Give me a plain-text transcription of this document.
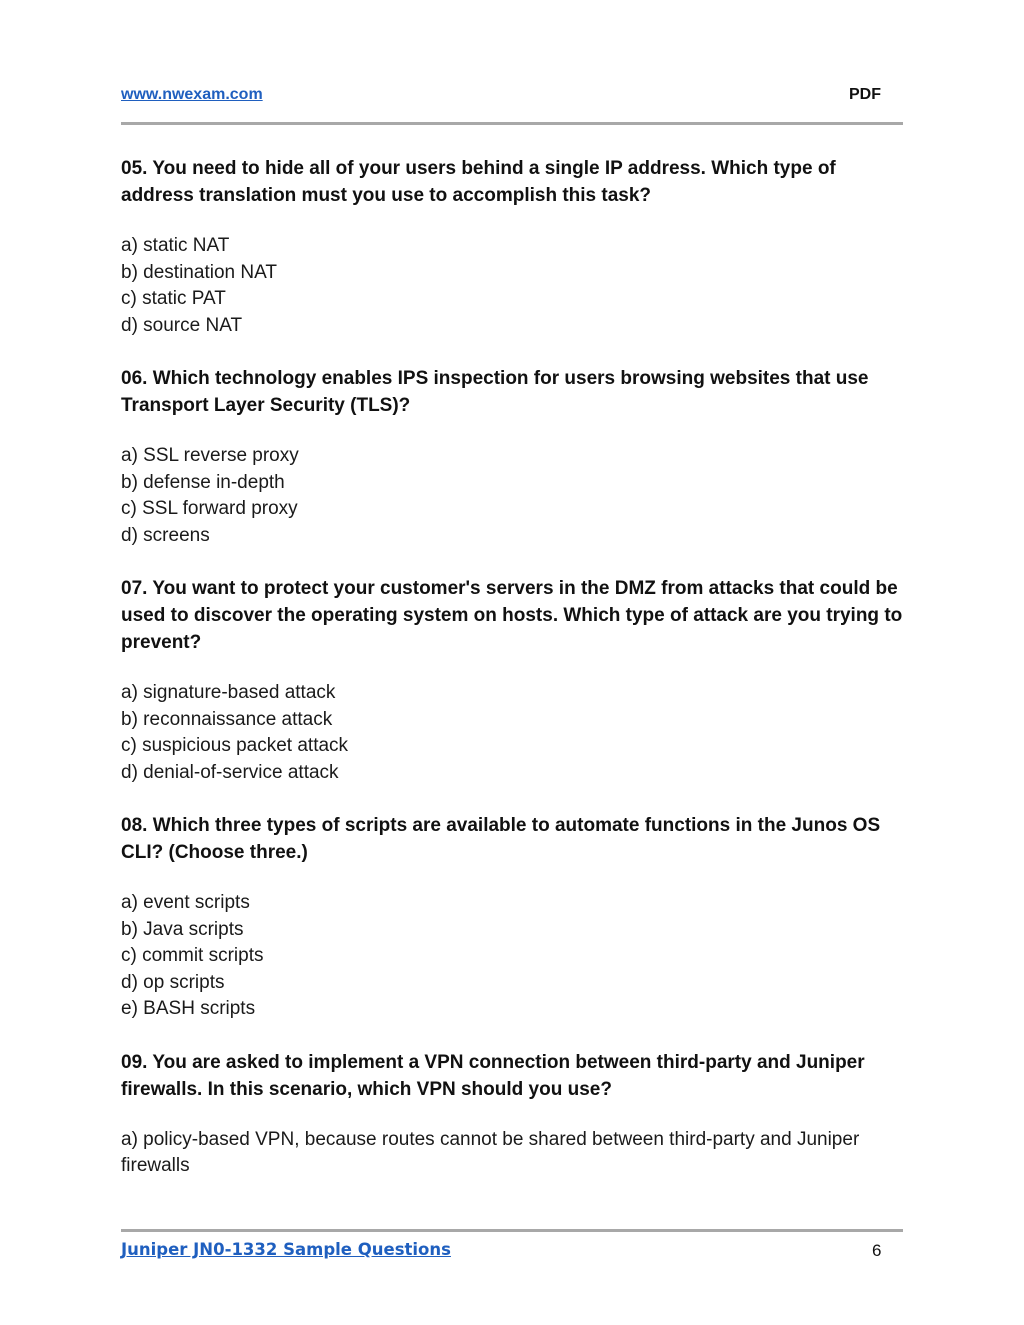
www.nwexam.com	PDF

05. You need to hide all of your users behind a single IP address. Which type of address translation must you use to accomplish this task?

a) static NAT
b) destination NAT
c) static PAT
d) source NAT

06. Which technology enables IPS inspection for users browsing websites that use Transport Layer Security (TLS)?

a) SSL reverse proxy
b) defense in-depth
c) SSL forward proxy
d) screens

07. You want to protect your customer's servers in the DMZ from attacks that could be used to discover the operating system on hosts. Which type of attack are you trying to prevent?

a) signature-based attack
b) reconnaissance attack
c) suspicious packet attack
d) denial-of-service attack

08. Which three types of scripts are available to automate functions in the Junos OS CLI? (Choose three.)

a) event scripts
b) Java scripts
c) commit scripts
d) op scripts
e) BASH scripts

09. You are asked to implement a VPN connection between third-party and Juniper firewalls. In this scenario, which VPN should you use?

a) policy-based VPN, because routes cannot be shared between third-party and Juniper firewalls
Juniper JN0-1332 Sample Questions	6
